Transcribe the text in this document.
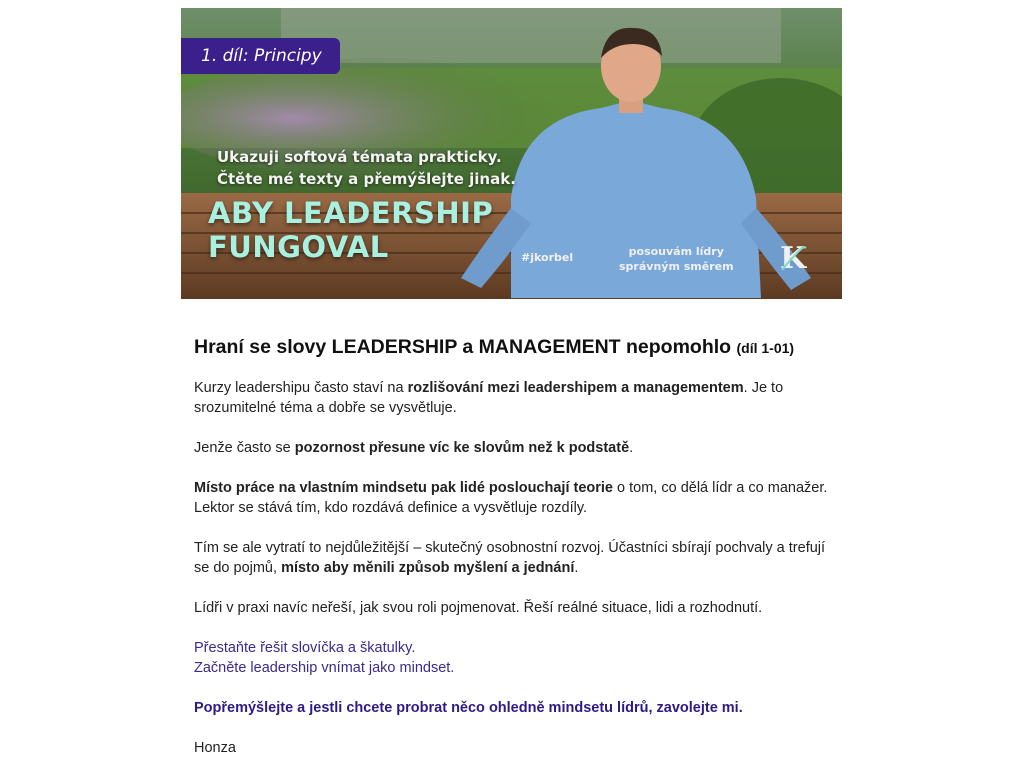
1. díl: Principy
Ukazuji softová témata prakticky.
Čtěte mé texty a přemýšlejte jinak.
ABY LEADERSHIP
FUNGOVAL	#jkorbel	posouvám lídry
správným směrem K
Hraní se slovy LEADERSHIP a MANAGEMENT nepomohlo (díl 1-01)

Kurzy leadershipu často staví na rozlišování mezi leadershipem a managementem. Je to srozumitelné téma a dobře se vysvětluje.

Jenže často se pozornost přesune víc ke slovům než k podstatě.

Místo práce na vlastním mindsetu pak lidé poslouchají teorie o tom, co dělá lídr a co manažer. Lektor se stává tím, kdo rozdává definice a vysvětluje rozdíly.

Tím se ale vytratí to nejdůležitější – skutečný osobnostní rozvoj. Účastníci sbírají pochvaly a trefují se do pojmů, místo aby měnili způsob myšlení a jednání.

Lídři v praxi navíc neřeší, jak svou roli pojmenovat. Řeší reálné situace, lidi a rozhodnutí.

Přestaňte řešit slovíčka a škatulky.
Začněte leadership vnímat jako mindset.

Popřemýšlejte a jestli chcete probrat něco ohledně mindsetu lídrů, zavolejte mi.

Honza
